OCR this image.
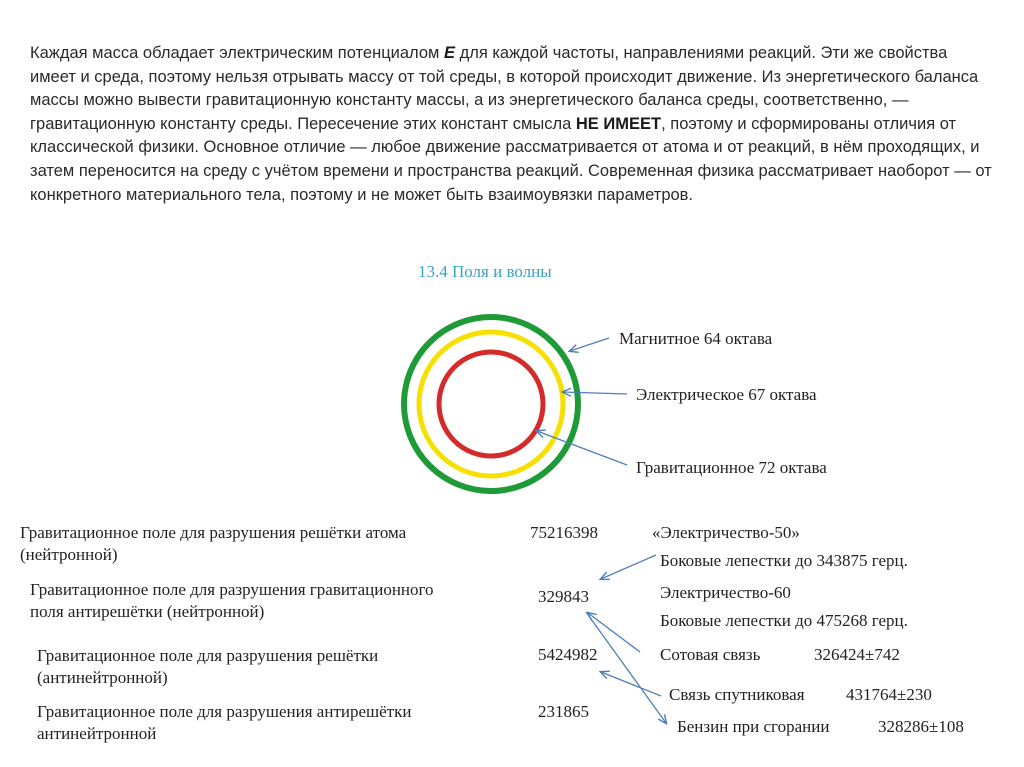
Каждая масса обладает электрическим потенциалом E для каждой частоты, направлениями реакций. Эти же свойства имеет и среда, поэтому нельзя отрывать массу от той среды, в которой происходит движение. Из энергетического баланса массы можно вывести гравитационную константу массы, а из энергетического баланса среды, соответственно, — гравитационную константу среды. Пересечение этих констант смысла НЕ ИМЕЕТ, поэтому и сформированы отличия от классической физики. Основное отличие — любое движение рассматривается от атома и от реакций, в нём проходящих, и затем переносится на среду с учётом времени и пространства реакций. Современная физика рассматривает наоборот — от конкретного материального тела, поэтому и не может быть взаимоувязки параметров.

13.4 Поля и волны
Магнитное 64 октава
Электрическое 67 октава
Гравитационное 72 октава
Гравитационное поле для разрушения решётки атома
(нейтронной)
75216398
Гравитационное поле для разрушения гравитационного
поля антирешётки (нейтронной)
329843
Гравитационное поле для разрушения решётки
(антинейтронной)
5424982
Гравитационное поле для разрушения антирешётки
антинейтронной
231865
«Электричество-50»
Боковые лепестки до 343875 герц.
Электричество-60
Боковые лепестки до 475268 герц.
Сотовая связь	326424±742
Связь спутниковая 431764±230
Бензин при сгорании	328286±108
